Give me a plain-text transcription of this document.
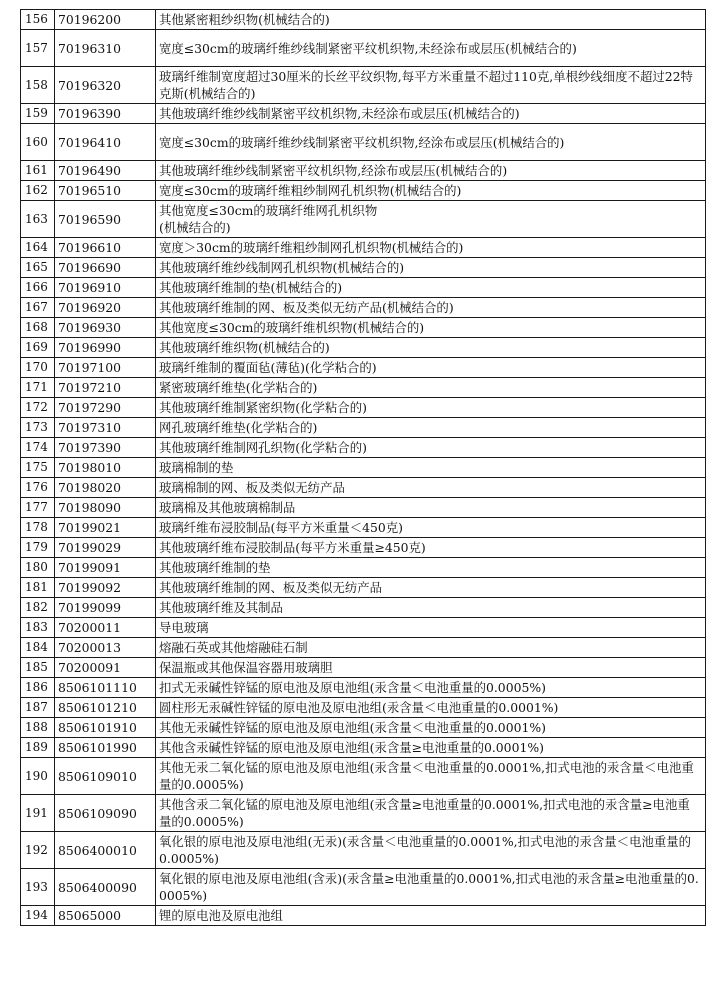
156	70196200	其他紧密粗纱织物(机械结合的)
157	70196310	宽度≤30cm的玻璃纤维纱线制紧密平纹机织物,未经涂布或层压(机械结合的)
158	70196320	玻璃纤维制宽度超过30厘米的长丝平纹织物,每平方米重量不超过110克,单根纱线细度不超过22特克斯(机械结合的)
159	70196390	其他玻璃纤维纱线制紧密平纹机织物,未经涂布或层压(机械结合的)
160	70196410	宽度≤30cm的玻璃纤维纱线制紧密平纹机织物,经涂布或层压(机械结合的)
161	70196490	其他玻璃纤维纱线制紧密平纹机织物,经涂布或层压(机械结合的)
162	70196510	宽度≤30cm的玻璃纤维粗纱制网孔机织物(机械结合的)
163	70196590	其他宽度≤30cm的玻璃纤维网孔机织物
(机械结合的)

164	70196610	宽度＞30cm的玻璃纤维粗纱制网孔机织物(机械结合的)
165	70196690	其他玻璃纤维纱线制网孔机织物(机械结合的)
166	70196910	其他玻璃纤维制的垫(机械结合的)
167	70196920	其他玻璃纤维制的网、板及类似无纺产品(机械结合的)
168	70196930	其他宽度≤30cm的玻璃纤维机织物(机械结合的)
169	70196990	其他玻璃纤维织物(机械结合的)
170	70197100	玻璃纤维制的覆面毡(薄毡)(化学粘合的)
171	70197210	紧密玻璃纤维垫(化学粘合的)
172	70197290	其他玻璃纤维制紧密织物(化学粘合的)
173	70197310	网孔玻璃纤维垫(化学粘合的)
174	70197390	其他玻璃纤维制网孔织物(化学粘合的)
175	70198010	玻璃棉制的垫
176	70198020	玻璃棉制的网、板及类似无纺产品
177	70198090	玻璃棉及其他玻璃棉制品
178	70199021	玻璃纤维布浸胶制品(每平方米重量＜450克)
179	70199029	其他玻璃纤维布浸胶制品(每平方米重量≥450克)
180	70199091	其他玻璃纤维制的垫
181	70199092	其他玻璃纤维制的网、板及类似无纺产品
182	70199099	其他玻璃纤维及其制品
183	70200011	导电玻璃
184	70200013	熔融石英或其他熔融硅石制
185	70200091	保温瓶或其他保温容器用玻璃胆
186	8506101110	扣式无汞碱性锌锰的原电池及原电池组(汞含量＜电池重量的0.0005%)
187	8506101210	圆柱形无汞碱性锌锰的原电池及原电池组(汞含量＜电池重量的0.0001%)
188	8506101910	其他无汞碱性锌锰的原电池及原电池组(汞含量＜电池重量的0.0001%)
189	8506101990	其他含汞碱性锌锰的原电池及原电池组(汞含量≥电池重量的0.0001%)
190	8506109010	其他无汞二氧化锰的原电池及原电池组(汞含量＜电池重量的0.0001%,扣式电池的汞含量＜电池重量的0.0005%)
191	8506109090	其他含汞二氧化锰的原电池及原电池组(汞含量≥电池重量的0.0001%,扣式电池的汞含量≥电池重量的0.0005%)
192	8506400010	氧化银的原电池及原电池组(无汞)(汞含量＜电池重量的0.0001%,扣式电池的汞含量＜电池重量的0.0005%)
193	8506400090	氧化银的原电池及原电池组(含汞)(汞含量≥电池重量的0.0001%,扣式电池的汞含量≥电池重量的0.0005%)
194	85065000	锂的原电池及原电池组
